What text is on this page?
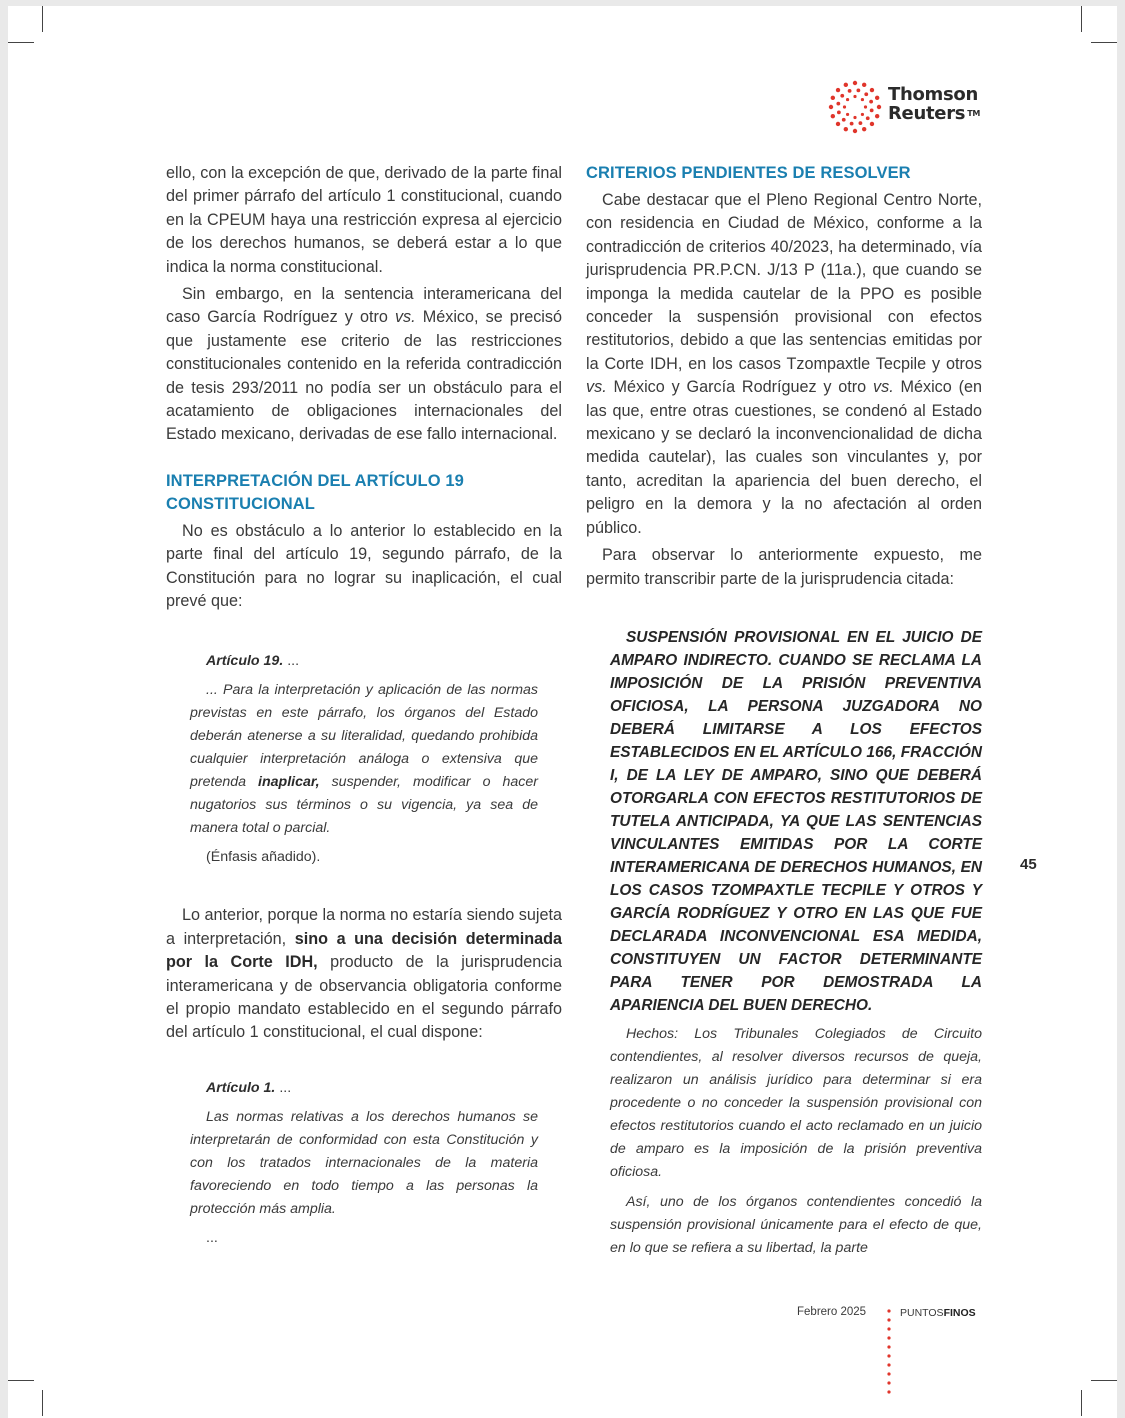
Thomson
Reuters ™

ello, con la excepción de que, derivado de la parte final del primer párrafo del artículo 1 constitucional, cuando en la CPEUM haya una restricción expresa al ejercicio de los derechos humanos, se deberá estar a lo que indica la norma constitucional.

Sin embargo, en la sentencia interamericana del caso García Rodríguez y otro vs. México, se precisó que justamente ese criterio de las restricciones constitucionales contenido en la referida contradicción de tesis 293/2011 no podía ser un obstáculo para el acatamiento de obligaciones internacionales del Estado mexicano, derivadas de ese fallo internacional.

INTERPRETACIÓN DEL ARTÍCULO 19 CONSTITUCIONAL

No es obstáculo a lo anterior lo establecido en la parte final del artículo 19, segundo párrafo, de la Constitución para no lograr su inaplicación, el cual prevé que:

Artículo 19. ...

... Para la interpretación y aplicación de las normas previstas en este párrafo, los órganos del Estado deberán atenerse a su literalidad, quedando prohibida cualquier interpretación análoga o extensiva que pretenda inaplicar, suspender, modificar o hacer nugatorios sus términos o su vigencia, ya sea de manera total o parcial.

(Énfasis añadido).

Lo anterior, porque la norma no estaría siendo sujeta a interpretación, sino a una decisión determinada por la Corte IDH, producto de la jurisprudencia interamericana y de observancia obligatoria conforme el propio mandato establecido en el segundo párrafo del artículo 1 constitucional, el cual dispone:

Artículo 1. ...

Las normas relativas a los derechos humanos se interpretarán de conformidad con esta Constitución y con los tratados internacionales de la materia favoreciendo en todo tiempo a las personas la protección más amplia.

...

CRITERIOS PENDIENTES DE RESOLVER

Cabe destacar que el Pleno Regional Centro Norte, con residencia en Ciudad de México, conforme a la contradicción de criterios 40/2023, ha determinado, vía jurisprudencia PR.P.CN. J/13 P (11a.), que cuando se imponga la medida cautelar de la PPO es posible conceder la suspensión provisional con efectos restitutorios, debido a que las sentencias emitidas por la Corte IDH, en los casos Tzompaxtle Tecpile y otros vs. México y García Rodríguez y otro vs. México (en las que, entre otras cuestiones, se condenó al Estado mexicano y se declaró la inconvencionalidad de dicha medida cautelar), las cuales son vinculantes y, por tanto, acreditan la apariencia del buen derecho, el peligro en la demora y la no afectación al orden público.

Para observar lo anteriormente expuesto, me permito transcribir parte de la jurisprudencia citada:

SUSPENSIÓN PROVISIONAL EN EL JUICIO DE AMPARO INDIRECTO. CUANDO SE RECLAMA LA IMPOSICIÓN DE LA PRISIÓN PREVENTIVA OFICIOSA, LA PERSONA JUZGADORA NO DEBERÁ LIMITARSE A LOS EFECTOS ESTABLECIDOS EN EL ARTÍCULO 166, FRACCIÓN I, DE LA LEY DE AMPARO, SINO QUE DEBERÁ OTORGARLA CON EFECTOS RESTITUTORIOS DE TUTELA ANTICIPADA, YA QUE LAS SENTENCIAS VINCULANTES EMITIDAS POR LA CORTE INTERAMERICANA DE DERECHOS HUMANOS, EN LOS CASOS TZOMPAXTLE TECPILE Y OTROS Y GARCÍA RODRÍGUEZ Y OTRO EN LAS QUE FUE DECLARADA INCONVENCIONAL ESA MEDIDA, CONSTITUYEN UN FACTOR DETERMINANTE PARA TENER POR DEMOSTRADA LA APARIENCIA DEL BUEN DERECHO.

Hechos: Los Tribunales Colegiados de Circuito contendientes, al resolver diversos recursos de queja, realizaron un análisis jurídico para determinar si era procedente o no conceder la suspensión provisional con efectos restitutorios cuando el acto reclamado en un juicio de amparo es la imposición de la prisión preventiva oficiosa.

Así, uno de los órganos contendientes concedió la suspensión provisional únicamente para el efecto de que, en lo que se refiera a su libertad, la parte

45
Febrero 2025	PUNTOSFINOS
